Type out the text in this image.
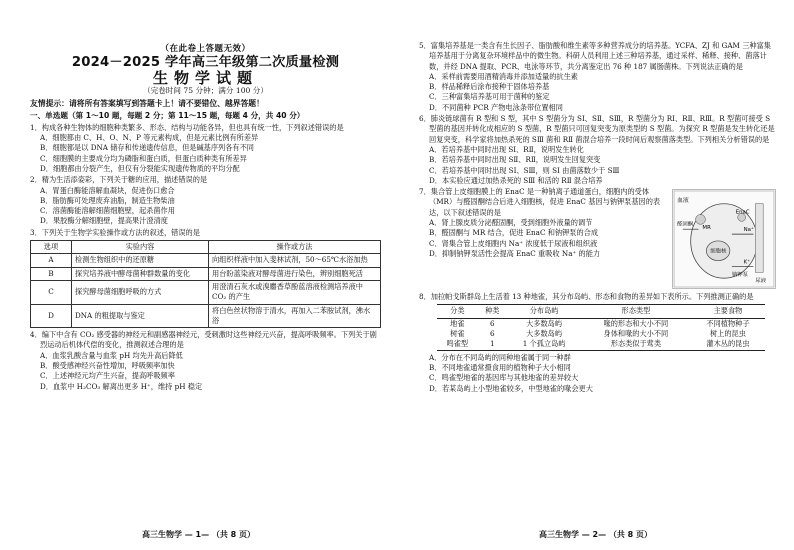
（在此卷上答题无效）
2024－2025 学年高三年级第二次质量检测
生物学试题
（完卷时间 75 分钟；满分 100 分）
友情提示：请将所有答案填写到答题卡上！请不要错位、越界答题！
一、单选题（第 1～10 题，每题 2 分；第 11～15 题，每题 4 分，共 40 分）
1．构成各种生物体的细胞种类繁多、形态、结构与功能各异，但也具有统一性，下列叙述错误的是
A．细胞都由 C、H、O、N、P 等元素构成，但是元素比例有所差异
B．细胞都是以 DNA 储存和传递遗传信息，但是碱基序列各有不同
C．细胞膜的主要成分均为磷脂和蛋白质，但蛋白质种类有所差异
D．细胞都由分裂产生，但仅有分裂能实现遗传物质的平均分配
2．精为生活添姿彩，下列关于糖的应用，描述错误的是
A．胃蛋白酶能溶解血凝块，促进伤口愈合
B．脂肪酶可处理废弃油脂，制造生物柴油
C．溶菌酶能溶解细菌细胞壁，起杀菌作用
D．果胶酶分解细胞壁，提高果汁澄清度
3．下列关于生物学实验操作或方法的叙述，错误的是
选项	实验内容	操作或方法
A	检测生物组织中的还原糖	向组织样液中加入斐林试剂，50～65℃水浴加热
B	探究培养液中酵母菌种群数量的变化	用台盼蓝染液对酵母菌进行染色，辨别细胞死活
C	探究酵母菌细胞呼吸的方式	用澄清石灰水或溴麝香草酚蓝溶液检测培养液中 CO₂ 的产生
D	DNA 的粗提取与鉴定	将白色丝状物溶于清水，再加入二苯胺试剂，沸水浴
4．编下中含有 CO₂ 感受器的神经元和副感器神经元，受刺激时这些神经元兴奋，提高呼吸频率。下列关于剧烈运动后机体代偿的变化，推测叙述合理的是
A．血浆乳酸含量与血浆 pH 均先升高后降低
B．酸受感神经兴奋性增加，呼吸频率加快
C．上述神经元均产生兴奋，提高呼吸频率
D．血浆中 H₂CO₃ 解离出更多 H⁺，维持 pH 稳定
高三生物学 — 1— （共 8 页）
5．富集培养基是一类含有生长因子、脂肪酸和维生素等多种营养成分的培养基。YCFA、ZJ 和 GAM 三种富集培养基用于分离复杂环境样品中的微生物。科研人员利用上述三种培养基，通过采样、稀释、接种、菌落计数，并经 DNA 提取、PCR、电泳等环节，共分离鉴定出 76 种 187 属肠菌株。下列说法正确的是
A．采样前需要用酒精消毒并添加适量的抗生素
B．样品稀释后涂布接种于固体培养基
C．三种富集培养基可用于菌种的鉴定
D．不同菌种 PCR 产物电泳条带位置相同
6．肺炎链球菌有 R 型和 S 型，其中 S 型菌分为 SⅠ、SⅡ、SⅢ，R 型菌分为 RⅠ、RⅡ、RⅢ。R 型菌可接受 S 型菌的基因并转化成相应的 S 型菌，R 型菌只可回复突变为原类型的 S 型菌。为探究 R 型菌是发生转化还是回复突变，科学家将加热杀死的 SⅢ 菌和 RⅡ 菌混合培养一段时间后观察菌落类型。下列相关分析错误的是
A．若培养基中同时出现 SⅠ、RⅡ，说明发生转化
B．若培养基中同时出现 SⅡ、RⅡ，说明发生回复突变
C．若培养基中同时出现 SⅠ、SⅢ，则 SⅠ 由菌落数少于 SⅢ
D．本实验应通过加热杀死的 SⅢ 和活的 RⅡ 混合培养
血液
醛固酮
MR
细胞核
EnaC
钠钾泵
尿液
Na⁺
K⁺
7．集合管上皮细胞膜上的 EnaC 是一种钠离子通道蛋白，细胞内的受体（MR）与醛固酮结合后进入细胞核，促进 EnaC 基因与钠钾泵基因的表达，以下叙述错误的是
A．肾上腺皮质分泌醛固酮，受到细胞外液量的调节
B．醛固酮与 MR 结合，促进 EnaC 和钠钾泵的合成
C．肾集合管上皮细胞内 Na⁺ 浓度低于尿液和组织液
D．抑制钠钾泵活性会提高 EnaC 重吸收 Na⁺ 的能力
8．加拉帕戈斯群岛上生活着 13 种地雀，其分布岛屿、形态和食物的差异如下表所示。下列推测正确的是
分类	种类	分布岛屿	形态类型	主要食物
地雀	6	大多数岛屿	喙的形态和大小不同	不同植物种子
树雀	6	大多数岛屿	身体和喙的大小不同	树上的昆虫
鸣雀型	1	1 个孤立岛屿	形态类似于莺类	灌木丛的昆虫
A．分布在不同岛屿的同种地雀属于同一种群
B．不同地雀通常摄食用的植物种子大小相同
C．鸣雀型地雀的基因库与其他地雀的差异较大
D．若某岛屿上小型地雀较多，中型地雀的喙会更大
高三生物学 — 2— （共 8 页）
